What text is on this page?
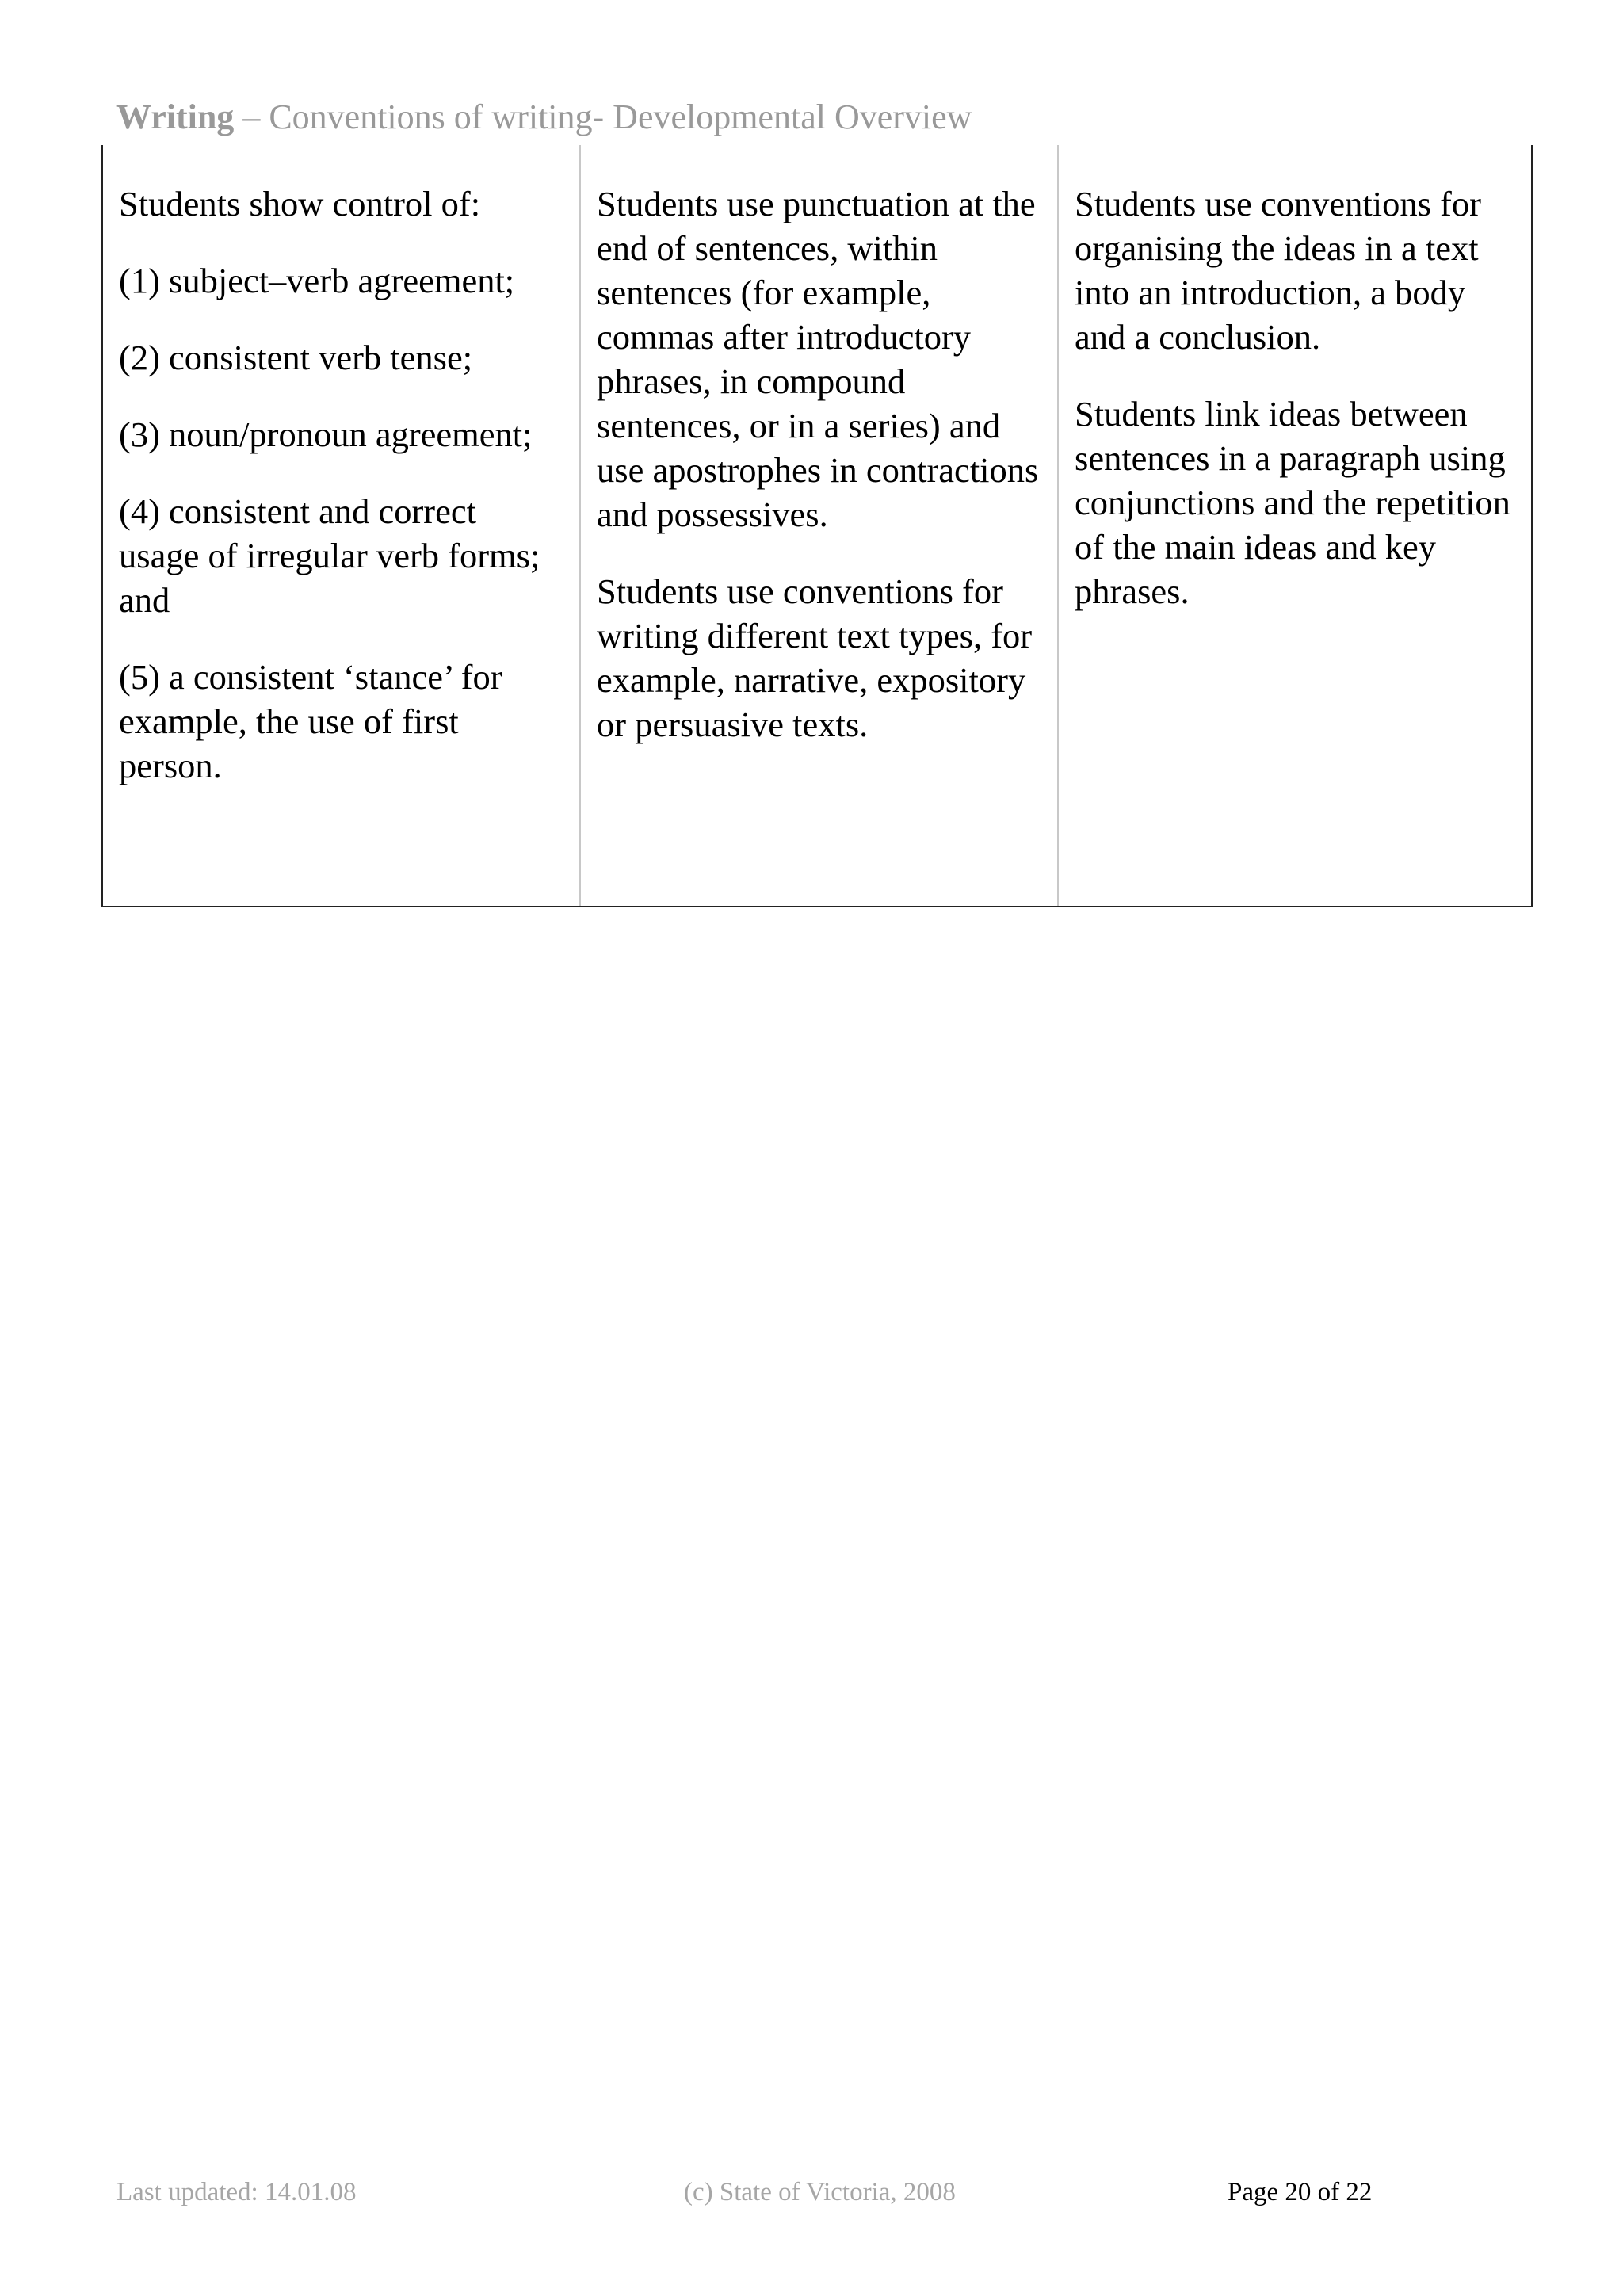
Writing – Conventions of writing- Developmental Overview

Students show control of:

(1) subject–verb agreement;

(2) consistent verb tense;

(3) noun/pronoun agreement;

(4) consistent and correct usage of irregular verb forms; and

(5) a consistent ‘stance’ for example, the use of first person.

Students use punctuation at the end of sentences, within sentences (for example, commas after introductory phrases, in compound sentences, or in a series) and use apostrophes in contractions and possessives.

Students use conventions for writing different text types, for example, narrative, expository or persuasive texts.

Students use conventions for organising the ideas in a text into an introduction, a body and a conclusion.

Students link ideas between sentences in a paragraph using conjunctions and the repetition of the main ideas and key phrases.

Last updated: 14.01.08	(c) State of Victoria, 2008	Page 20 of 22
